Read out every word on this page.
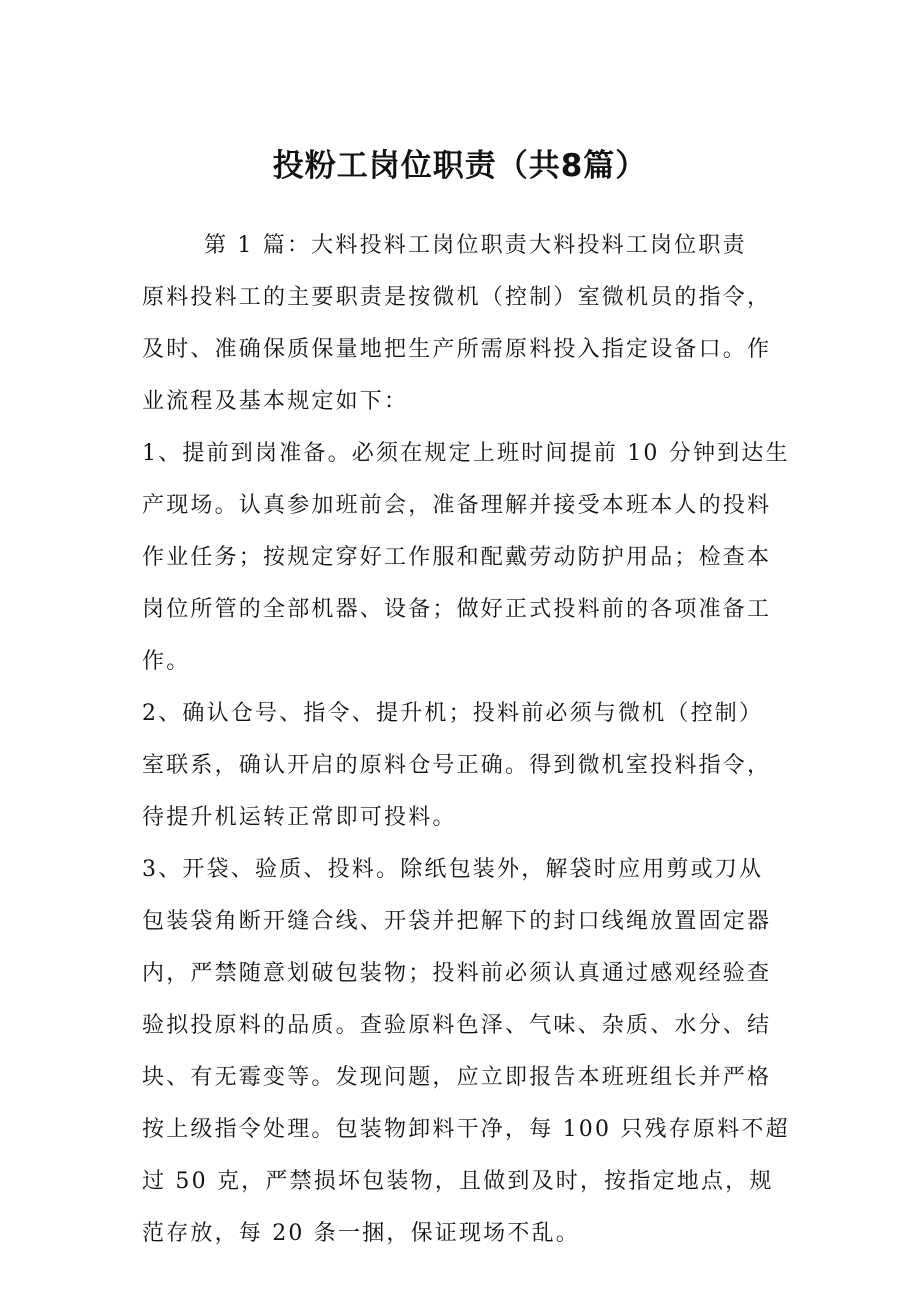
投粉工岗位职责（共8篇）
第 1 篇：大料投料工岗位职责大料投料工岗位职责
原料投料工的主要职责是按微机（控制）室微机员的指令，
及时、准确保质保量地把生产所需原料投入指定设备口。作
业流程及基本规定如下：
1、提前到岗准备。必须在规定上班时间提前 10 分钟到达生
产现场。认真参加班前会，准备理解并接受本班本人的投料
作业任务；按规定穿好工作服和配戴劳动防护用品；检查本
岗位所管的全部机器、设备；做好正式投料前的各项准备工
作。
2、确认仓号、指令、提升机；投料前必须与微机（控制）
室联系，确认开启的原料仓号正确。得到微机室投料指令，
待提升机运转正常即可投料。
3、开袋、验质、投料。除纸包装外，解袋时应用剪或刀从
包装袋角断开缝合线、开袋并把解下的封口线绳放置固定器
内，严禁随意划破包装物；投料前必须认真通过感观经验查
验拟投原料的品质。查验原料色泽、气味、杂质、水分、结
块、有无霉变等。发现问题，应立即报告本班班组长并严格
按上级指令处理。包装物卸料干净，每 100 只残存原料不超
过 50 克，严禁损坏包装物，且做到及时，按指定地点，规
范存放，每 20 条一捆，保证现场不乱。
